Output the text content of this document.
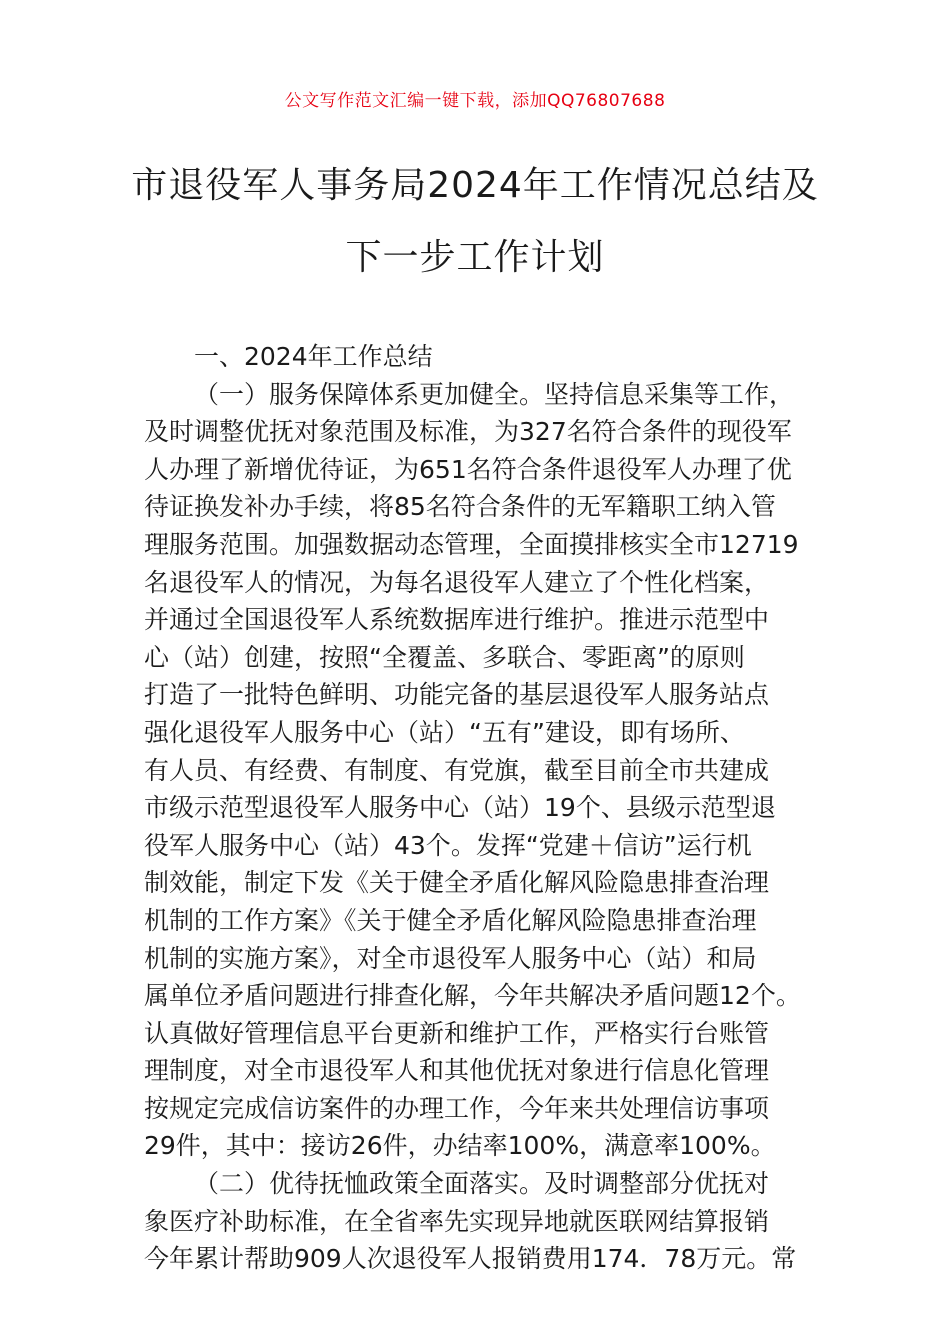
公文写作范文汇编一键下载，添加QQ76807688
市退役军人事务局2024年工作情况总结及
下一步工作计划

一、2024年工作总结

（一）服务保障体系更加健全。坚持信息采集等工作，
及时调整优抚对象范围及标准，为327名符合条件的现役军
人办理了新增优待证，为651名符合条件退役军人办理了优
待证换发补办手续，将85名符合条件的无军籍职工纳入管
理服务范围。加强数据动态管理，全面摸排核实全市12719
名退役军人的情况，为每名退役军人建立了个性化档案，
并通过全国退役军人系统数据库进行维护。推进示范型中
心（站）创建，按照“全覆盖、多联合、零距离”的原则
打造了一批特色鲜明、功能完备的基层退役军人服务站点
强化退役军人服务中心（站）“五有”建设，即有场所、
有人员、有经费、有制度、有党旗，截至目前全市共建成
市级示范型退役军人服务中心（站）19个、县级示范型退
役军人服务中心（站）43个。发挥“党建＋信访”运行机
制效能，制定下发《关于健全矛盾化解风险隐患排查治理
机制的工作方案》《关于健全矛盾化解风险隐患排查治理
机制的实施方案》，对全市退役军人服务中心（站）和局
属单位矛盾问题进行排查化解，今年共解决矛盾问题12个。
认真做好管理信息平台更新和维护工作，严格实行台账管
理制度，对全市退役军人和其他优抚对象进行信息化管理
按规定完成信访案件的办理工作，今年来共处理信访事项
29件，其中：接访26件，办结率100%，满意率100%。
（二）优待抚恤政策全面落实。及时调整部分优抚对
象医疗补助标准，在全省率先实现异地就医联网结算报销
今年累计帮助909人次退役军人报销费用174．78万元。常
